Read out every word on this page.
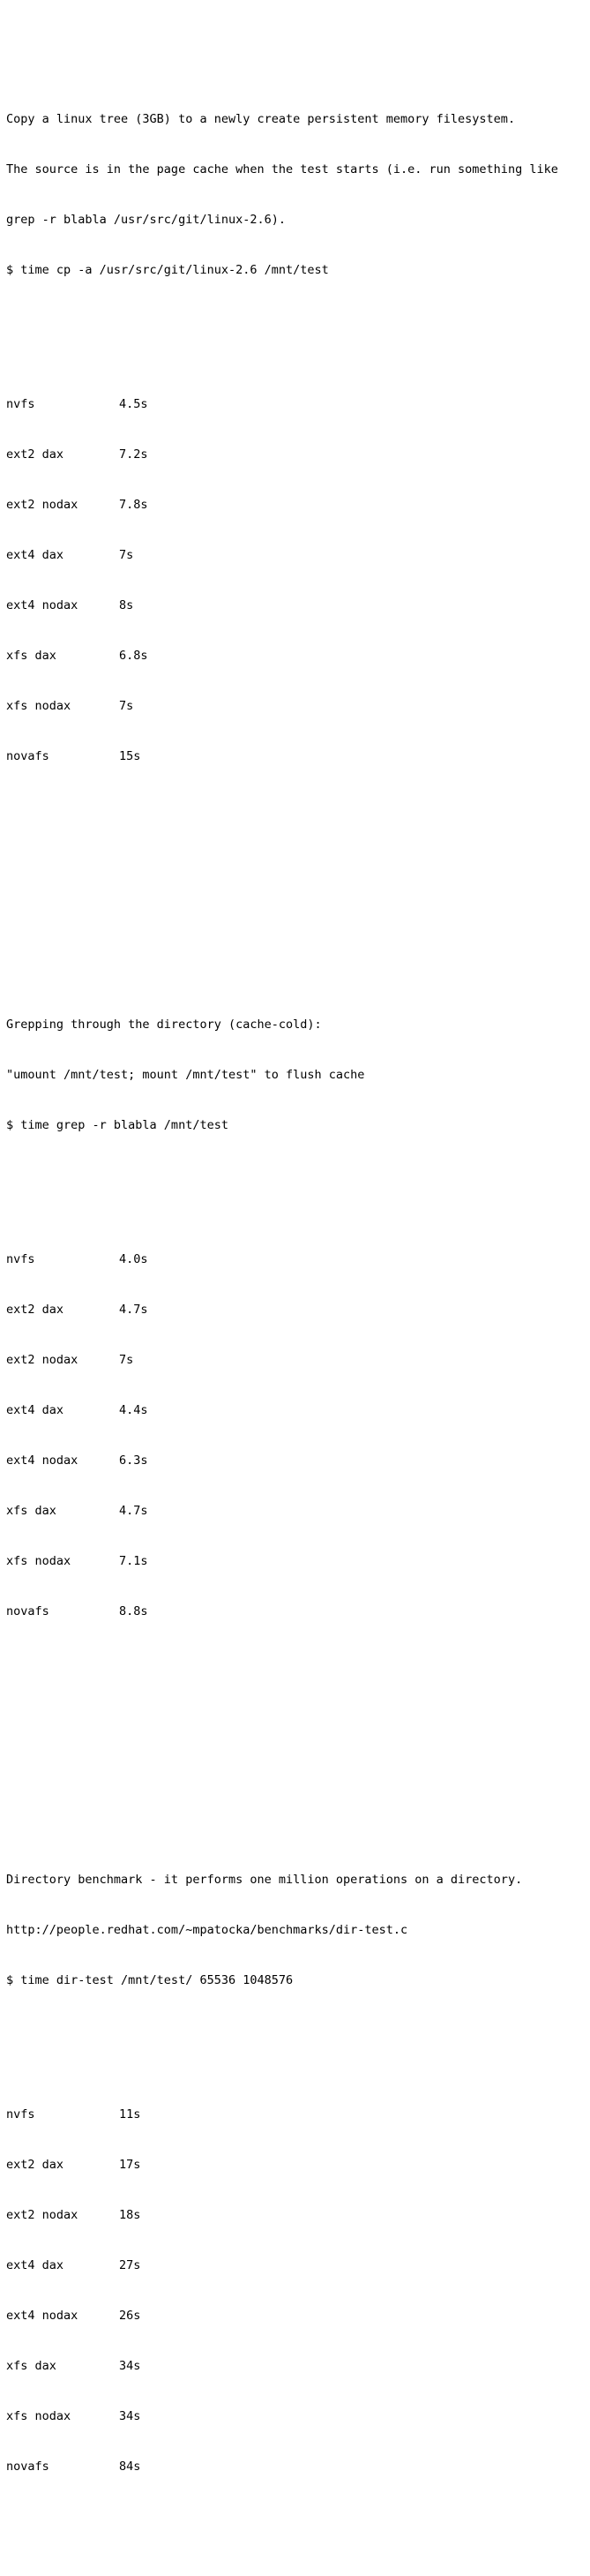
Copy a linux tree (3GB) to a newly create persistent memory filesystem.

The source is in the page cache when the test starts (i.e. run something like

grep -r blabla /usr/src/git/linux-2.6).

$ time cp -a /usr/src/git/linux-2.6 /mnt/test

nvfs	4.5s

ext2 dax	7.2s

ext2 nodax	7.8s

ext4 dax	7s

ext4 nodax	8s

xfs dax	6.8s

xfs nodax	7s

novafs	15s

Grepping through the directory (cache-cold):

"umount /mnt/test; mount /mnt/test" to flush cache

$ time grep -r blabla /mnt/test

nvfs	4.0s

ext2 dax	4.7s

ext2 nodax	7s

ext4 dax	4.4s

ext4 nodax	6.3s

xfs dax	4.7s

xfs nodax	7.1s

novafs	8.8s

Directory benchmark - it performs one million operations on a directory.

http://people.redhat.com/~mpatocka/benchmarks/dir-test.c

$ time dir-test /mnt/test/ 65536 1048576

nvfs	11s

ext2 dax	17s

ext2 nodax	18s

ext4 dax	27s

ext4 nodax	26s

xfs dax	34s

xfs nodax	34s

novafs	84s
